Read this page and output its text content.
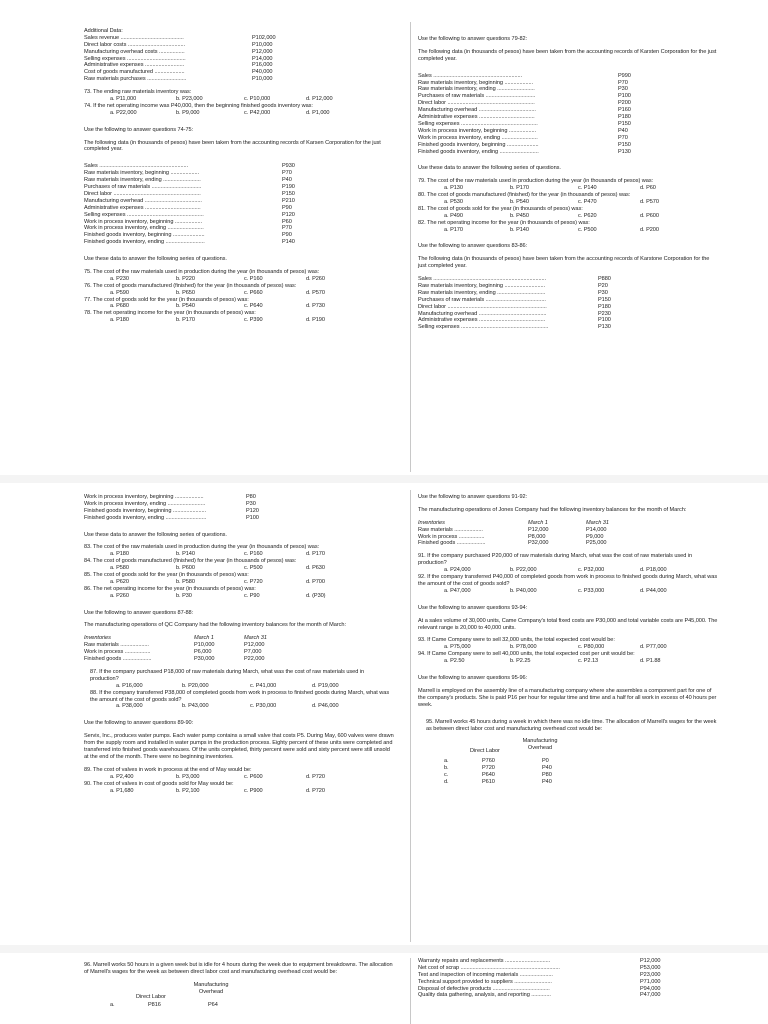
Additional Data:
Sales revenue ..........................................	P102,000
Direct labor costs ......................................	P10,000
Manufacturing overhead costs .................	P12,000
Selling expenses .......................................	P14,000
Administrative expenses ..........................	P16,000
Cost of goods manufactured ....................	P40,000
Raw materials purchases ..........................	P10,000
73. The ending raw materials inventory was:
a. P11,000	b. P23,000	c. P10,000	d. P12,000
74. If the net operating income was P40,000, then the beginning finished goods inventory was:
a. P22,000	b. P9,000	c. P42,000	d. P1,000
Use the following to answer questions 74-75:

The following data (in thousands of pesos) have been taken from the accounting records of Karsen Corporation for the just completed year.

Sales ...........................................................	P930
Raw materials inventory, beginning ...................	P70
Raw materials inventory, ending .........................	P40
Purchases of raw materials .................................	P190
Direct labor ..........................................................	P150
Manufacturing overhead ......................................	P210
Administrative expenses .....................................	P90
Selling expenses ...................................................	P120
Work in process inventory, beginning ..................	P60
Work in process inventory, ending ........................	P70
Finished goods inventory, beginning .....................	P90
Finished goods inventory, ending ..........................	P140
Use these data to answer the following series of questions.
75. The cost of the raw materials used in production during the year (in thousands of pesos) was:
a. P230	b. P220	c. P160	d. P260
76. The cost of goods manufactured (finished) for the year (in thousands of pesos) was:
a. P590	b. P650	c. P660	d. P570
77. The cost of goods sold for the year (in thousands of pesos) was:
a. P680	b. P540	c. P640	d. P730
78. The net operating income for the year (in thousands of pesos) was:
a. P180	b. P170	c. P390	d. P190
Use the following to answer questions 79-82:

The following data (in thousands of pesos) have been taken from the accounting records of Karsten Corporation for the just completed year.

Sales ...........................................................	P990
Raw materials inventory, beginning ...................	P70
Raw materials inventory, ending .........................	P30
Purchases of raw materials .................................	P100
Direct labor ..........................................................	P200
Manufacturing overhead ......................................	P160
Administrative expenses .....................................	P180
Selling expenses ...................................................	P150
Work in process inventory, beginning ..................	P40
Work in process inventory, ending ........................	P70
Finished goods inventory, beginning .....................	P150
Finished goods inventory, ending ..........................	P130
Use these data to answer the following series of questions.
79. The cost of the raw materials used in production during the year (in thousands of pesos) was:
a. P130	b. P170	c. P140	d. P60
80. The cost of goods manufactured (finished) for the year (in thousands of pesos) was:
a. P530	b. P540	c. P470	d. P570
81. The cost of goods sold for the year (in thousands of pesos) was:
a. P490	b. P450	c. P620	d. P600
82. The net operating income for the year (in thousands of pesos) was:
a. P170	b. P140	c. P500	d. P200
Use the following to answer questions 83-86:

The following data (in thousands of pesos) have been taken from the accounting records of Karstone Corporation for the just completed year.

Sales ...........................................................................	P880
Raw materials inventory, beginning ...........................	P20
Raw materials inventory, ending ................................	P30
Purchases of raw materials ........................................	P150
Direct labor ..................................................................	P180
Manufacturing overhead .............................................	P230
Administrative expenses ............................................	P100
Selling expenses ..........................................................	P130
Work in process inventory, beginning ...................	P80
Work in process inventory, ending .........................	P30
Finished goods inventory, beginning ......................	P120
Finished goods inventory, ending ...........................	P100
Use these data to answer the following series of questions.
83. The cost of the raw materials used in production during the year (in thousands of pesos) was:
a. P180	b. P140	c. P160	d. P170
84. The cost of goods manufactured (finished) for the year (in thousands of pesos) was:
a. P580	b. P600	c. P500	d. P630
85. The cost of goods sold for the year (in thousands of pesos) was:
a. P620	b. P580	c. P720	d. P700
86. The net operating income for the year (in thousands of pesos) was:
a. P260	b. P30	c. P90	d. (P30)
Use the following to answer questions 87-88:
The manufacturing operations of QC Company had the following inventory balances for the month of March:
Inventories	March 1	March 31
Raw materials ...................	P10,000	P12,000
Work in process .................	P6,000	P7,000
Finished goods ...................	P30,000	P22,000

87. If the company purchased P18,000 of raw materials during March, what was the cost of raw materials used in production?

a. P16,000	b. P20,000	c. P41,000	d. P19,000

88. If the company transferred P38,000 of completed goods from work in process to finished goods during March, what was the amount of the cost of goods sold?

a. P38,000	b. P43,000	c. P30,000	d. P46,000
Use the following to answer questions 89-90:

Servix, Inc., produces water pumps. Each water pump contains a small valve that costs P5. During May, 600 valves were drawn from the supply room and installed in water pumps in the production process. Eighty percent of these units were completed and transferred into finished goods warehouses. Of the units completed, thirty percent were sold and sixty percent were still unsold at the end of the month. There were no beginning inventories.

89. The cost of valves in work in process at the end of May would be:
a. P2,400	b. P3,000	c. P600	d. P720
90. The cost of valves in cost of goods sold for May would be:
a. P1,680	b. P2,100	c. P900	d. P720
Use the following to answer questions 91-92:
The manufacturing operations of Jones Company had the following inventory balances for the month of March:
Inventories	March 1	March 31
Raw materials ...................	P12,000	P14,000
Work in process .................	P8,000	P9,000
Finished goods ...................	P32,000	P25,000

91. If the company purchased P20,000 of raw materials during March, what was the cost of raw materials used in production?

a. P24,000	b. P22,000	c. P32,000	d. P18,000

92. If the company transferred P40,000 of completed goods from work in process to finished goods during March, what was the amount of the cost of goods sold?

a. P47,000	b. P40,000	c. P33,000	d. P44,000
Use the following to answer questions 93-94:

At a sales volume of 30,000 units, Came Company's total fixed costs are P30,000 and total variable costs are P45,000. The relevant range is 20,000 to 40,000 units.

93. If Came Company were to sell 32,000 units, the total expected cost would be:
a. P75,000	b. P78,000	c. P80,000	d. P77,000
94. If Came Company were to sell 40,000 units, the total expected cost per unit would be:
a. P2.50	b. P2.25	c. P2.13	d. P1.88
Use the following to answer questions 95-96:

Marrell is employed on the assembly line of a manufacturing company where she assembles a component part for one of the company's products. She is paid P16 per hour for regular time and time and a half for all work in excess of 40 hours per week.

95. Marrell works 45 hours during a week in which there was no idle time. The allocation of Marrell's wages for the week as between direct labor cost and manufacturing overhead cost would be:

Direct Labor
Manufacturing Overhead
a.	P760	P0
b.	P720	P40
c.	P640	P80
d.	P610	P40

96. Marrell works 50 hours in a given week but is idle for 4 hours during the week due to equipment breakdowns. The allocation of Marrell's wages for the week as between direct labor cost and manufacturing overhead cost would be:

Direct Labor
Manufacturing Overhead
a.	P816	P64
Warranty repairs and replacements ..............................	P12,000
Net cost of scrap ..................................................................	P53,000
Test and inspection of incoming materials ......................	P23,000
Technical support provided to suppliers .........................	P71,000
Disposal of defective products ......................................	P94,000
Quality data gathering, analysis, and reporting .............	P47,000
